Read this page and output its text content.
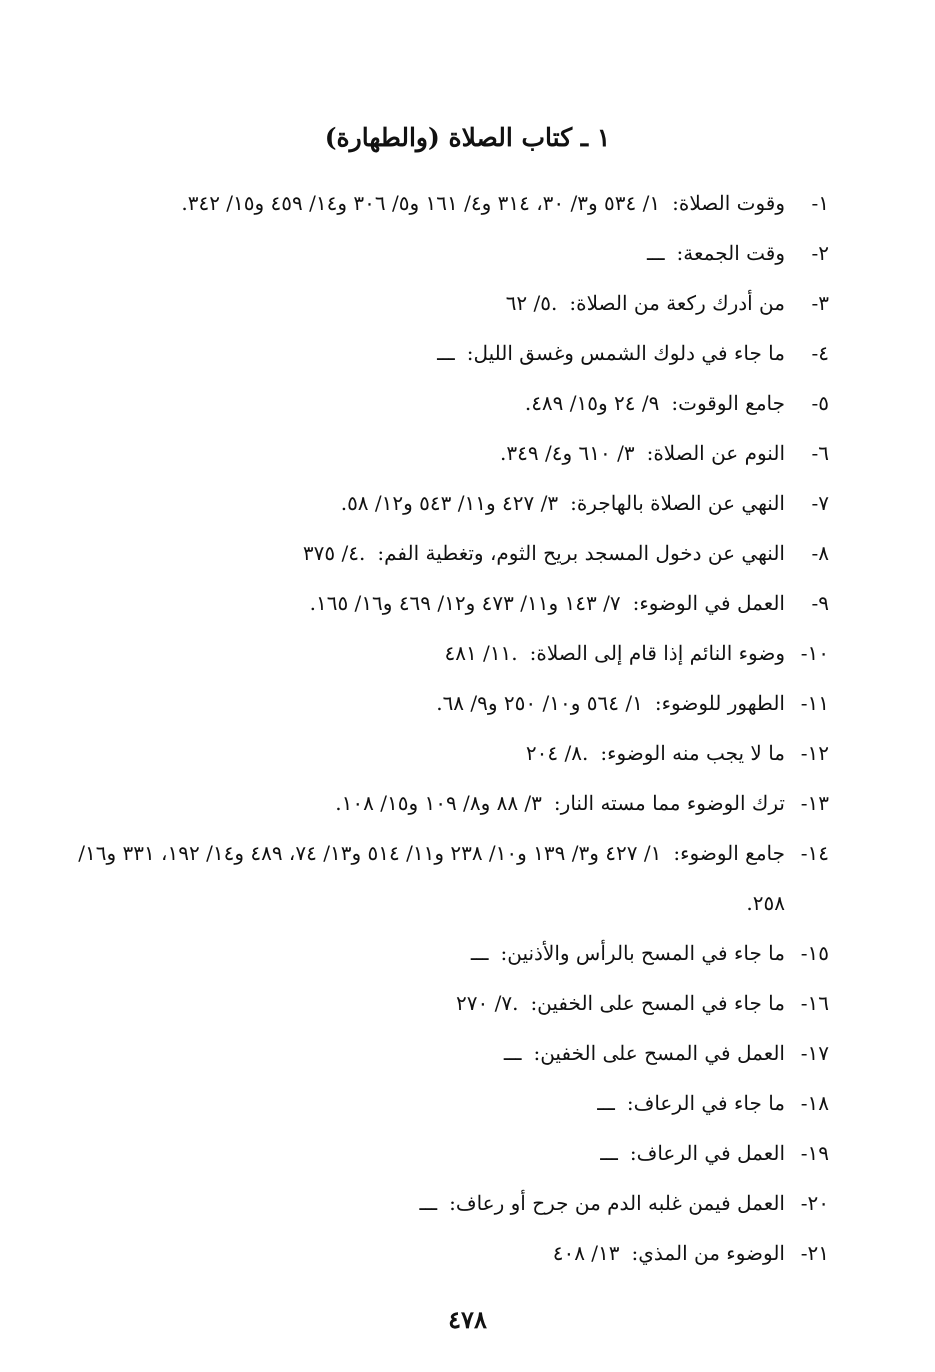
١ ـ كتاب الصلاة (والطهارة)
١-
وقوت الصلاة:١/ ٥٣٤ و٣/ ٣٠، ٣١٤ و٤/ ١٦١ و٥/ ٣٠٦ و١٤/ ٤٥٩ و١٥/ ٣٤٢.
٢-
وقت الجمعة:ـــ
٣-
من أدرك ركعة من الصلاة:٥/ ٦٢.
٤-
ما جاء في دلوك الشمس وغسق الليل:ـــ
٥-
جامع الوقوت:٩/ ٢٤ و١٥/ ٤٨٩.
٦-
النوم عن الصلاة:٣/ ٦١٠ و٤/ ٣٤٩.
٧-
النهي عن الصلاة بالهاجرة:٣/ ٤٢٧ و١١/ ٥٤٣ و١٢/ ٥٨.
٨-
النهي عن دخول المسجد بريح الثوم، وتغطية الفم:٤/ ٣٧٥.
٩-
العمل في الوضوء:٧/ ١٤٣ و١١/ ٤٧٣ و١٢/ ٤٦٩ و١٦/ ١٦٥.
١٠-
وضوء النائم إذا قام إلى الصلاة:١١/ ٤٨١.
١١-
الطهور للوضوء:١/ ٥٦٤ و١٠/ ٢٥٠ و٩/ ٦٨.
١٢-
ما لا يجب منه الوضوء:٨/ ٢٠٤.
١٣-
ترك الوضوء مما مسته النار:٣/ ٨٨ و٨/ ١٠٩ و١٥/ ١٠٨.
١٤-
جامع الوضوء:١/ ٤٢٧ و٣/ ١٣٩ و١٠/ ٢٣٨ و١١/ ٥١٤ و١٣/ ٧٤، ٤٨٩ و١٤/ ١٩٢، ٣٣١ و١٦/ ٢٥٨.
١٥-
ما جاء في المسح بالرأس والأذنين:ـــ
١٦-
ما جاء في المسح على الخفين:٧/ ٢٧٠.
١٧-
العمل في المسح على الخفين:ـــ
١٨-
ما جاء في الرعاف:ـــ
١٩-
العمل في الرعاف:ـــ
٢٠-
العمل فيمن غلبه الدم من جرح أو رعاف:ـــ
٢١-
الوضوء من المذي:١٣/ ٤٠٨
٤٧٨
